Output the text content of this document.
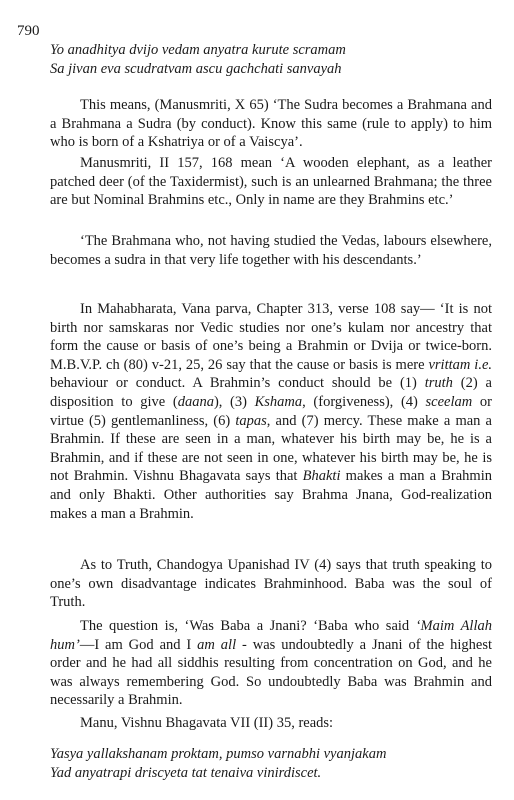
790
Yo anadhitya dvijo vedam anyatra kurute scramam
Sa jivan eva scudratvam ascu gachchati sanvayah
This means, (Manusmriti, X 65) ‘The Sudra becomes a Brahmana and a Brahmana a Sudra (by conduct). Know this same (rule to apply) to him who is born of a Kshatriya or of a Vaiscya’.
Manusmriti, II 157, 168 mean ‘A wooden elephant, as a leather patched deer (of the Taxidermist), such is an unlearned Brahmana; the three are but Nominal Brahmins etc., Only in name are they Brahmins etc.’
‘The Brahmana who, not having studied the Vedas, labours elsewhere, becomes a sudra in that very life together with his descendants.’
In Mahabharata, Vana parva, Chapter 313, verse 108 say— ‘It is not birth nor samskaras nor Vedic studies nor one’s kulam nor ancestry that form the cause or basis of one’s being a Brahmin or Dvija or twice-born. M.B.V.P. ch (80) v-21, 25, 26 say that the cause or basis is mere vrittam i.e. behaviour or conduct. A Brahmin’s conduct should be (1) truth (2) a disposition to give (daana), (3) Kshama, (forgiveness), (4) sceelam or virtue (5) gentlemanliness, (6) tapas, and (7) mercy. These make a man a Brahmin. If these are seen in a man, whatever his birth may be, he is a Brahmin, and if these are not seen in one, whatever his birth may be, he is not Brahmin. Vishnu Bhagavata says that Bhakti makes a man a Brahmin and only Bhakti. Other authorities say Brahma Jnana, God-realization makes a man a Brahmin.
As to Truth, Chandogya Upanishad IV (4) says that truth speaking to one’s own disadvantage indicates Brahminhood. Baba was the soul of Truth.
The question is, ‘Was Baba a Jnani? ‘Baba who said ‘Maim Allah hum’—I am God and I am all - was undoubtedly a Jnani of the highest order and he had all siddhis resulting from concentration on God, and he was always remembering God. So undoubtedly Baba was Brahmin and necessarily a Brahmin.
Manu, Vishnu Bhagavata VII (II) 35, reads:
Yasya yallakshanam proktam, pumso varnabhi vyanjakam
Yad anyatrapi driscyeta tat tenaiva vinirdiscet.
